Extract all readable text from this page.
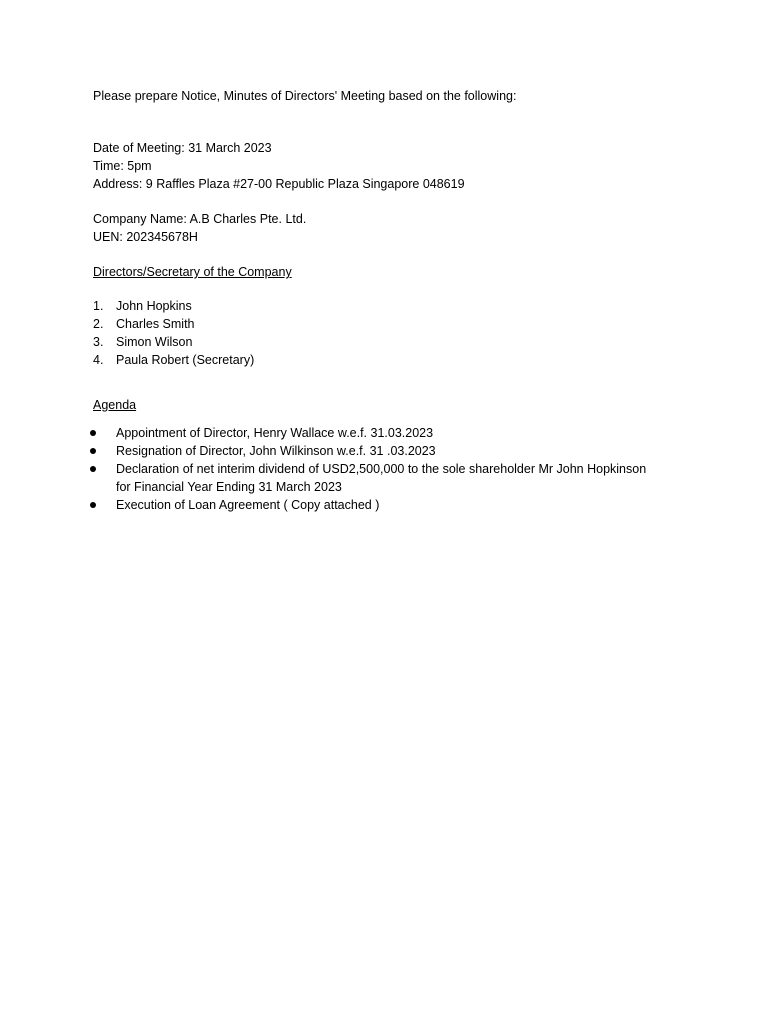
Please prepare Notice, Minutes of Directors' Meeting based on the following:
Date of Meeting: 31 March 2023
Time: 5pm
Address: 9 Raffles Plaza #27-00 Republic Plaza Singapore 048619
Company Name: A.B Charles Pte. Ltd.
UEN: 202345678H
Directors/Secretary of the Company
1. John Hopkins
2. Charles Smith
3. Simon Wilson
4. Paula Robert (Secretary)
Agenda
Appointment of Director, Henry Wallace w.e.f. 31.03.2023
Resignation of Director, John Wilkinson w.e.f. 31 .03.2023
Declaration of net interim dividend of USD2,500,000 to the sole shareholder Mr John Hopkinson
for Financial Year Ending 31 March 2023
Execution of Loan Agreement ( Copy attached )
